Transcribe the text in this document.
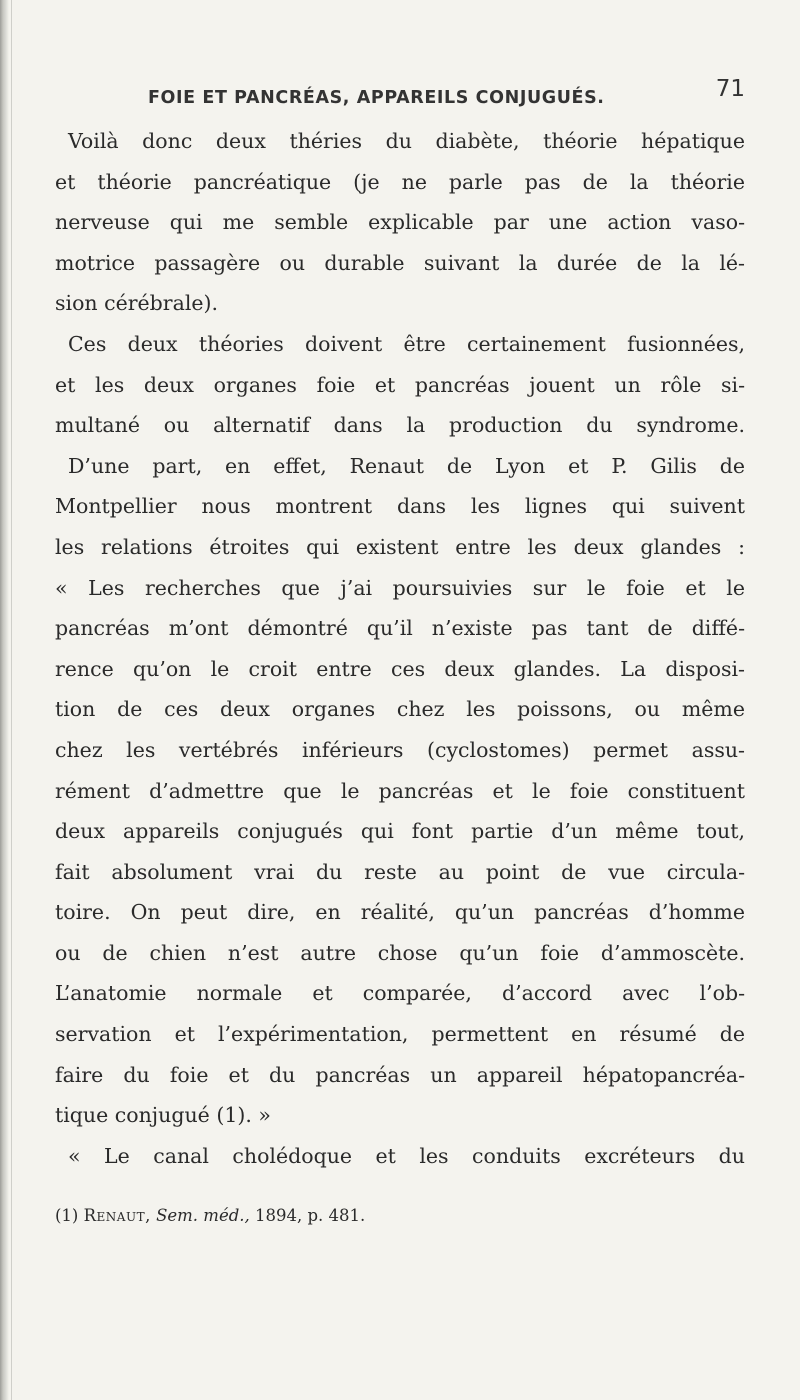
FOIE ET PANCRÉAS, APPAREILS CONJUGUÉS.	71
Voilà donc deux théries du diabète, théorie hépatique
et théorie pancréatique (je ne parle pas de la théorie
nerveuse qui me semble explicable par une action vaso-
motrice passagère ou durable suivant la durée de la lé-
sion cérébrale).
Ces deux théories doivent être certainement fusionnées,
et les deux organes foie et pancréas jouent un rôle si-
multané ou alternatif dans la production du syndrome.
D’une part, en effet, Renaut de Lyon et P. Gilis de
Montpellier nous montrent dans les lignes qui suivent
les relations étroites qui existent entre les deux glandes :
« Les recherches que j’ai poursuivies sur le foie et le
pancréas m’ont démontré qu’il n’existe pas tant de diffé-
rence qu’on le croit entre ces deux glandes. La disposi-
tion de ces deux organes chez les poissons, ou même
chez les vertébrés inférieurs (cyclostomes) permet assu-
rément d’admettre que le pancréas et le foie constituent
deux appareils conjugués qui font partie d’un même tout,
fait absolument vrai du reste au point de vue circula-
toire. On peut dire, en réalité, qu’un pancréas d’homme
ou de chien n’est autre chose qu’un foie d’ammoscète.
L’anatomie normale et comparée, d’accord avec l’ob-
servation et l’expérimentation, permettent en résumé de
faire du foie et du pancréas un appareil hépatopancréa-
tique conjugué (1). »
« Le canal cholédoque et les conduits excréteurs du
(1) Renaut, Sem. méd., 1894, p. 481.
